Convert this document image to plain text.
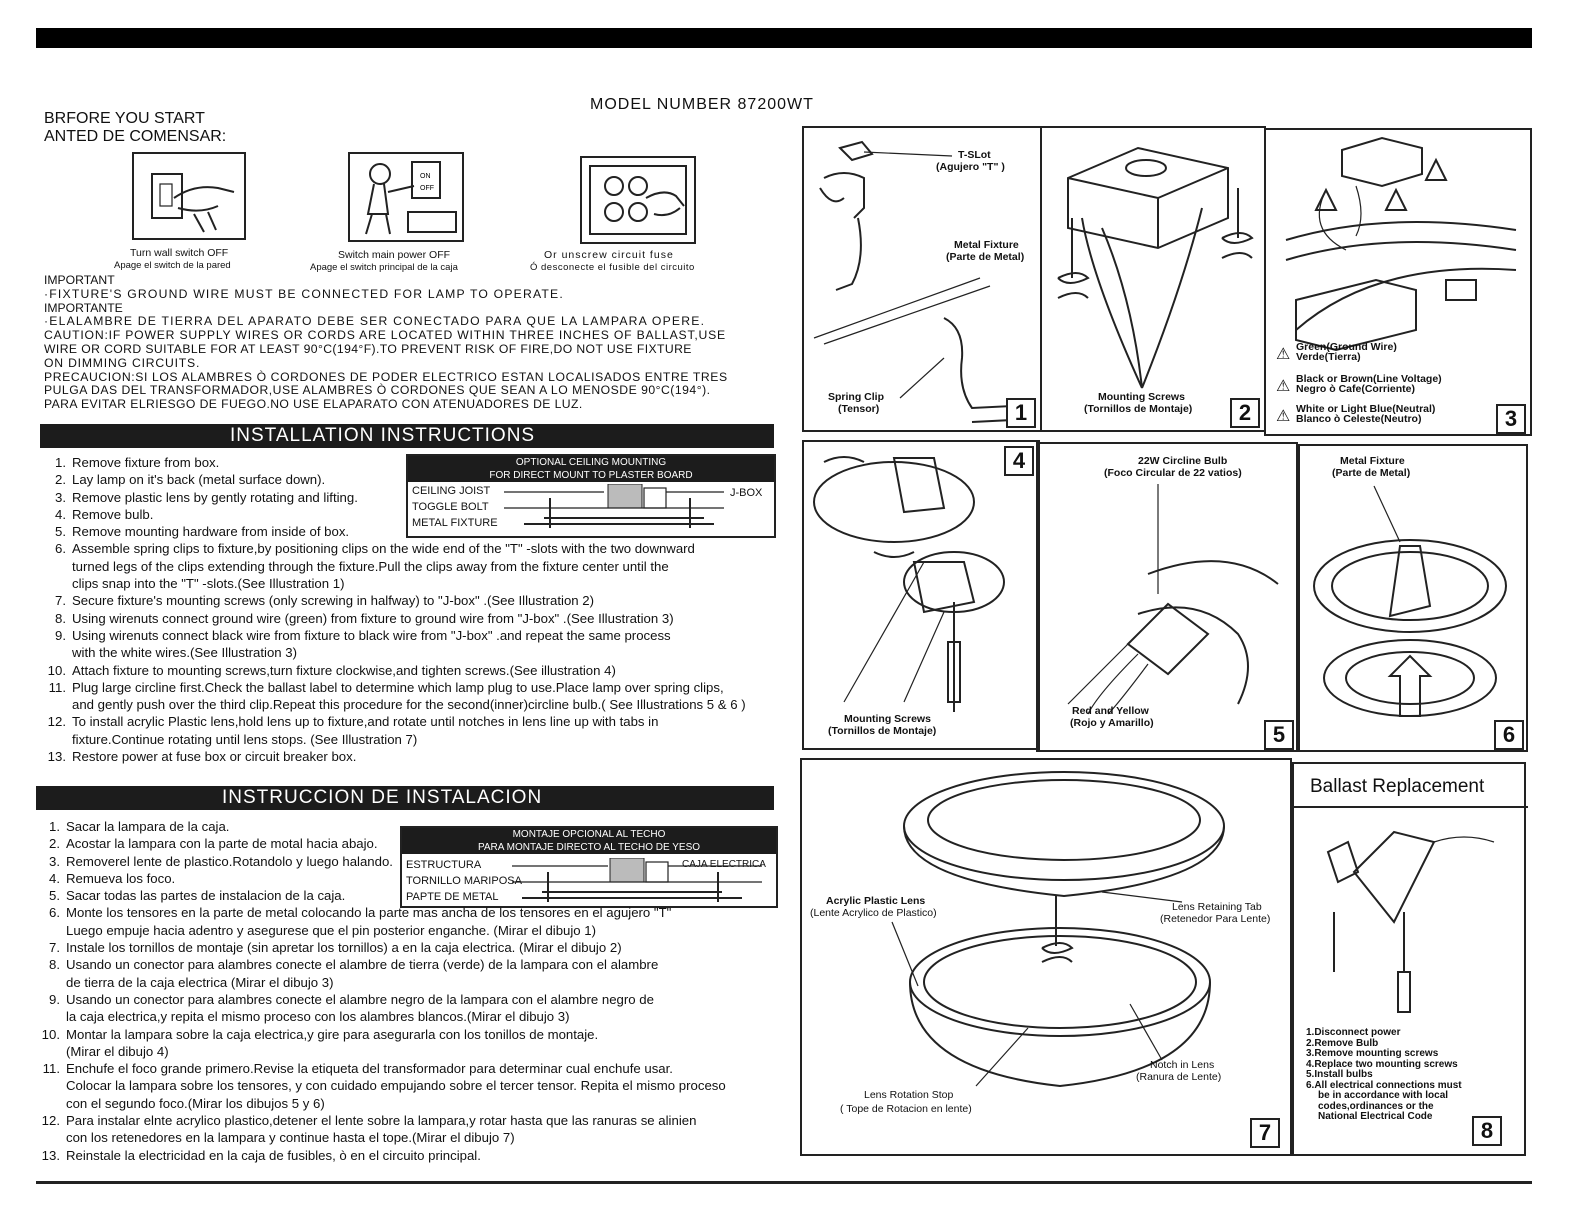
MODEL NUMBER 87200WT
BRFORE YOU START
ANTED DE COMENSAR:
ON
OFF
Turn wall switch OFF
Apage el switch de la pared
Switch main power OFF
Apage el switch principal de la caja
Or unscrew circuit fuse
Ó desconecte el fusible del circuito
IMPORTANT
·FIXTURE'S GROUND WIRE MUST BE CONNECTED FOR LAMP TO OPERATE.
IMPORTANTE
·ELALAMBRE DE TIERRA DEL APARATO DEBE SER CONECTADO PARA QUE LA LAMPARA OPERE.
CAUTION:IF POWER SUPPLY WIRES OR CORDS ARE LOCATED WITHIN THREE INCHES OF BALLAST,USE
WIRE OR CORD SUITABLE FOR AT LEAST 90°C(194°F).TO PREVENT RISK OF FIRE,DO NOT USE FIXTURE
ON DIMMING CIRCUITS.
PRECAUCION:SI LOS ALAMBRES Ò CORDONES DE PODER ELECTRICO ESTAN LOCALISADOS ENTRE TRES
PULGA DAS DEL TRANSFORMADOR,USE ALAMBRES Ò CORDONES QUE SEAN A LO MENOSDE 90°C(194°).
PARA EVITAR ELRIESGO DE FUEGO.NO USE ELAPARATO CON ATENUADORES DE LUZ.
INSTALLATION INSTRUCTIONS
OPTIONAL CEILING MOUNTING
FOR DIRECT MOUNT TO PLASTER BOARD
CEILING JOIST
TOGGLE BOLT
METAL FIXTURE
J-BOX
1. Remove fixture from box.
2. Lay lamp on it's back (metal surface down).
3. Remove plastic lens by gently rotating and lifting.
4. Remove bulb.
5. Remove mounting hardware from inside of box.
6. Assemble spring clips to fixture,by positioning clips on the wide end of the "T" -slots with the two downward
turned legs of the clips extending through the fixture.Pull the clips away from the fixture center until the
clips snap into the "T" -slots.(See Illustration 1)
7. Secure fixture's mounting screws (only screwing in halfway) to "J-box" .(See Illustration 2)
8. Using wirenuts connect ground wire (green) from fixture to ground wire from "J-box" .(See Illustration 3)
9. Using wirenuts connect black wire from fixture to black wire from "J-box" .and repeat the same process
with the white wires.(See Illustration 3)
10. Attach fixture to mounting screws,turn fixture clockwise,and tighten screws.(See illustration 4)
11. Plug large circline first.Check the ballast label to determine which lamp plug to use.Place lamp over spring clips,
and gently push over the third clip.Repeat this procedure for the second(inner)circline bulb.( See Illustrations 5 & 6 )
12. To install acrylic Plastic lens,hold lens up to fixture,and rotate until notches in lens line up with tabs in
fixture.Continue rotating until lens stops. (See Illustration 7)
13. Restore power at fuse box or circuit breaker box.
INSTRUCCION DE INSTALACION
MONTAJE OPCIONAL AL TECHO
PARA MONTAJE DIRECTO AL TECHO DE YESO
ESTRUCTURA
TORNILLO MARIPOSA
PAPTE DE METAL
CAJA ELECTRICA
1. Sacar la lampara de la caja.
2. Acostar la lampara con la parte de motal hacia abajo.
3. Removerel lente de plastico.Rotandolo y luego halando.
4. Remueva los foco.
5. Sacar todas las partes de instalacion de la caja.
6. Monte los tensores en la parte de metal colocando la parte mas ancha de los tensores en el agujero "T"
Luego empuje hacia adentro y asegurese que el pin posterior enganche. (Mirar el dibujo 1)
7. Instale los tornillos de montaje (sin apretar los tornillos) a en la caja electrica. (Mirar el dibujo 2)
8. Usando un conector para alambres conecte el alambre de tierra (verde) de la lampara con el alambre
de tierra de la caja electrica (Mirar el dibujo 3)
9. Usando un conector para alambres conecte el alambre negro de la lampara con el alambre negro de
la caja electrica,y repita el mismo proceso con los alambres blancos.(Mirar el dibujo 3)
10. Montar la lampara sobre la caja electrica,y gire para asegurarla con los tonillos de montaje.
(Mirar el dibujo 4)
11. Enchufe el foco grande primero.Revise la etiqueta del transformador para determinar cual enchufe usar.
Colocar la lampara sobre los tensores, y con cuidado empujando sobre el tercer tensor. Repita el mismo proceso
con el segundo foco.(Mirar los dibujos 5 y 6)
12. Para instalar elnte acrylico plastico,detener el lente sobre la lampara,y rotar hasta que las ranuras se alinien
con los retenedores en la lampara y continue hasta el tope.(Mirar el dibujo 7)
13. Reinstale la electricidad en la caja de fusibles, ò en el circuito principal.
T-SLot
(Agujero "T" )
Metal Fixture
(Parte de Metal)
Spring Clip
(Tensor)	1
Mounting Screws
(Tornillos de Montaje)	2
⚠ Green(Ground Wire)
Verde(Tierra)
⚠ Black or Brown(Line Voltage)
Negro ò Cafe(Corriente)
⚠ White or Light Blue(Neutral)
Blanco ò Celeste(Neutro)	3
4
Mounting Screws
(Tornillos de Montaje)
22W Circline Bulb
(Foco Circular de 22 vatios)
Red and Yellow
(Rojo y Amarillo)	5
Metal Fixture
(Parte de Metal)
6
Acrylic Plastic Lens
(Lente Acrylico de Plastico)	Lens Retaining Tab
(Retenedor Para Lente)
Notch in Lens
(Ranura de Lente)
Lens Rotation Stop
( Tope de Rotacion en lente)
7
Ballast Replacement
1.Disconnect power
2.Remove Bulb
3.Remove mounting screws
4.Replace two mounting screws
5.Install bulbs
6.All electrical connections must
be in accordance with local
codes,ordinances or the
National Electrical Code
8
